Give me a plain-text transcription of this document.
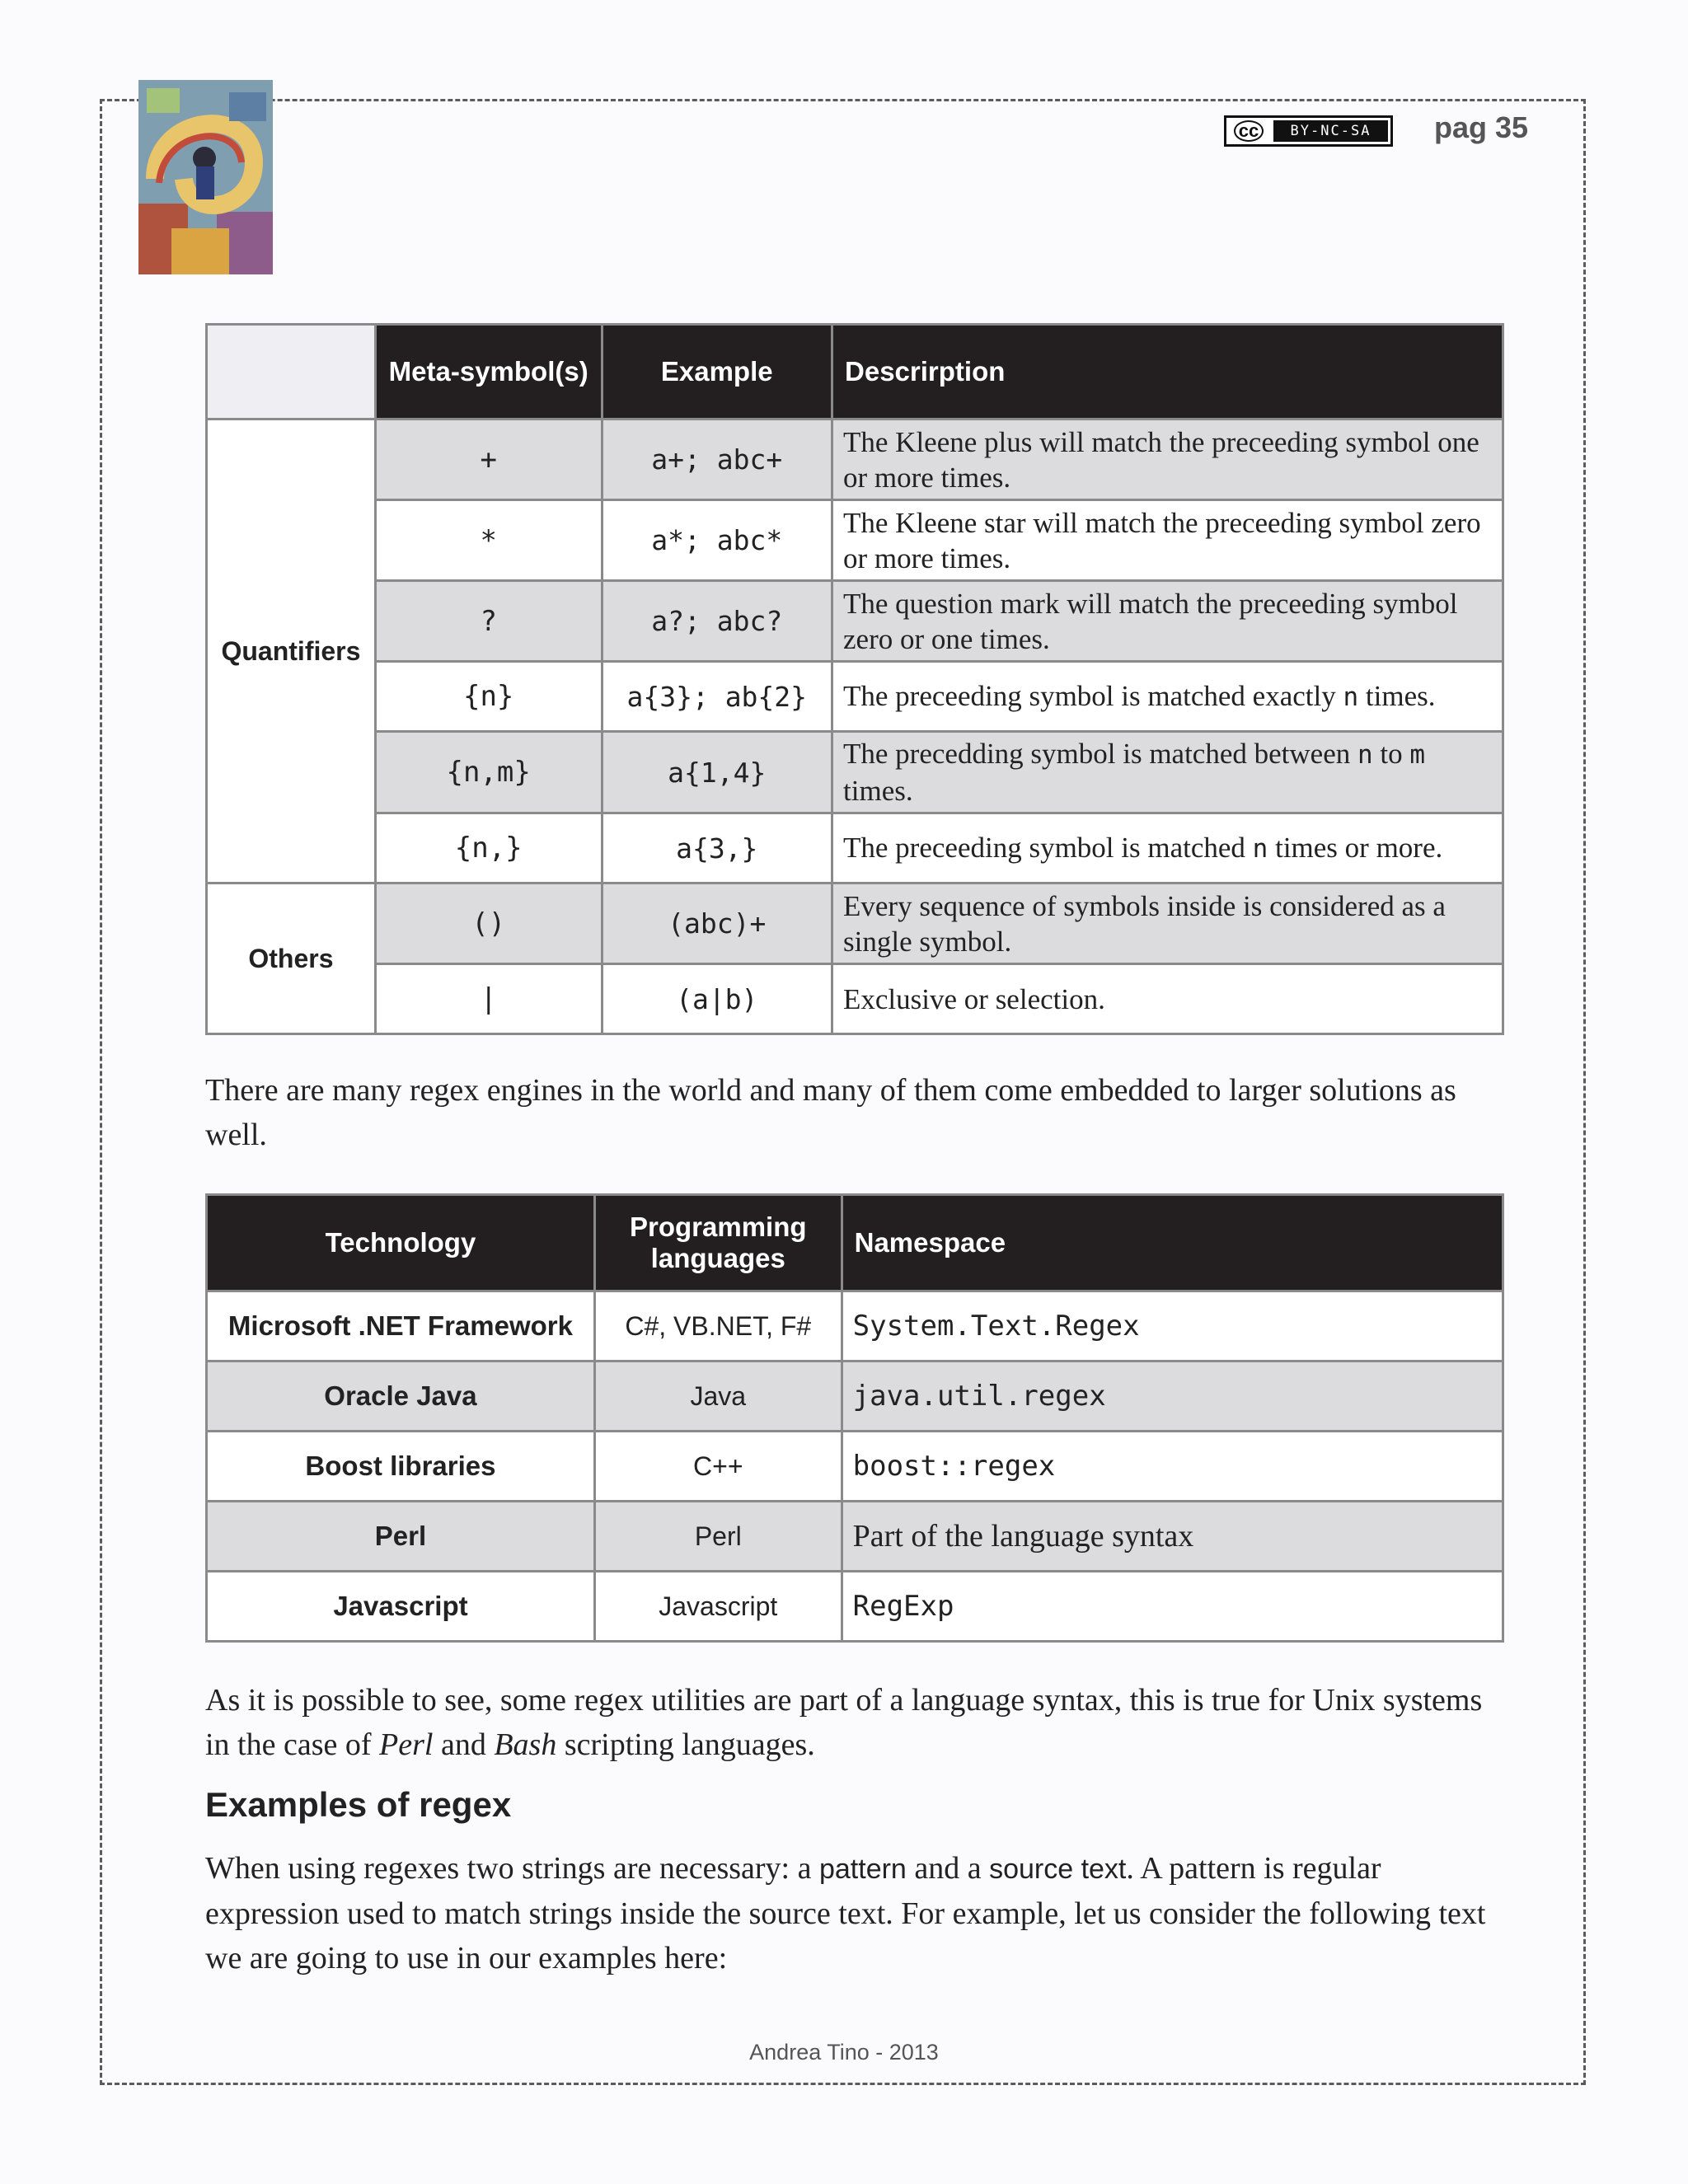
cc	BY-NC-SA	pag 35
	Meta-symbol(s)	Example	Descrirption
Quantifiers	+	a+; abc+	The Kleene plus will match the preceeding symbol one or more times.
	*	a*; abc*	The Kleene star will match the preceeding symbol zero or more times.
	?	a?; abc?	The question mark will match the preceeding symbol zero or one times.
	{n}	a{3}; ab{2}	The preceeding symbol is matched exactly n times.
	{n,m}	a{1,4}	The precedding symbol is matched between n to m times.
	{n,}	a{3,}	The preceeding symbol is matched n times or more.
Others	()	(abc)+	Every sequence of symbols inside is considered as a single symbol.
	|	(a|b)	Exclusive or selection.
There are many regex engines in the world and many of them come embedded to larger solutions as well.
Technology	Programming languages	Namespace
Microsoft .NET Framework	C#, VB.NET, F#	System.Text.Regex
Oracle Java	Java	java.util.regex
Boost libraries	C++	boost::regex
Perl	Perl	Part of the language syntax
Javascript	Javascript	RegExp
As it is possible to see, some regex utilities are part of a language syntax, this is true for Unix systems in the case of Perl and Bash scripting languages.
Examples of regex
When using regexes two strings are necessary: a pattern and a source text. A pattern is regular expression used to match strings inside the source text. For example, let us consider the following text we are going to use in our examples here:
Andrea Tino - 2013
